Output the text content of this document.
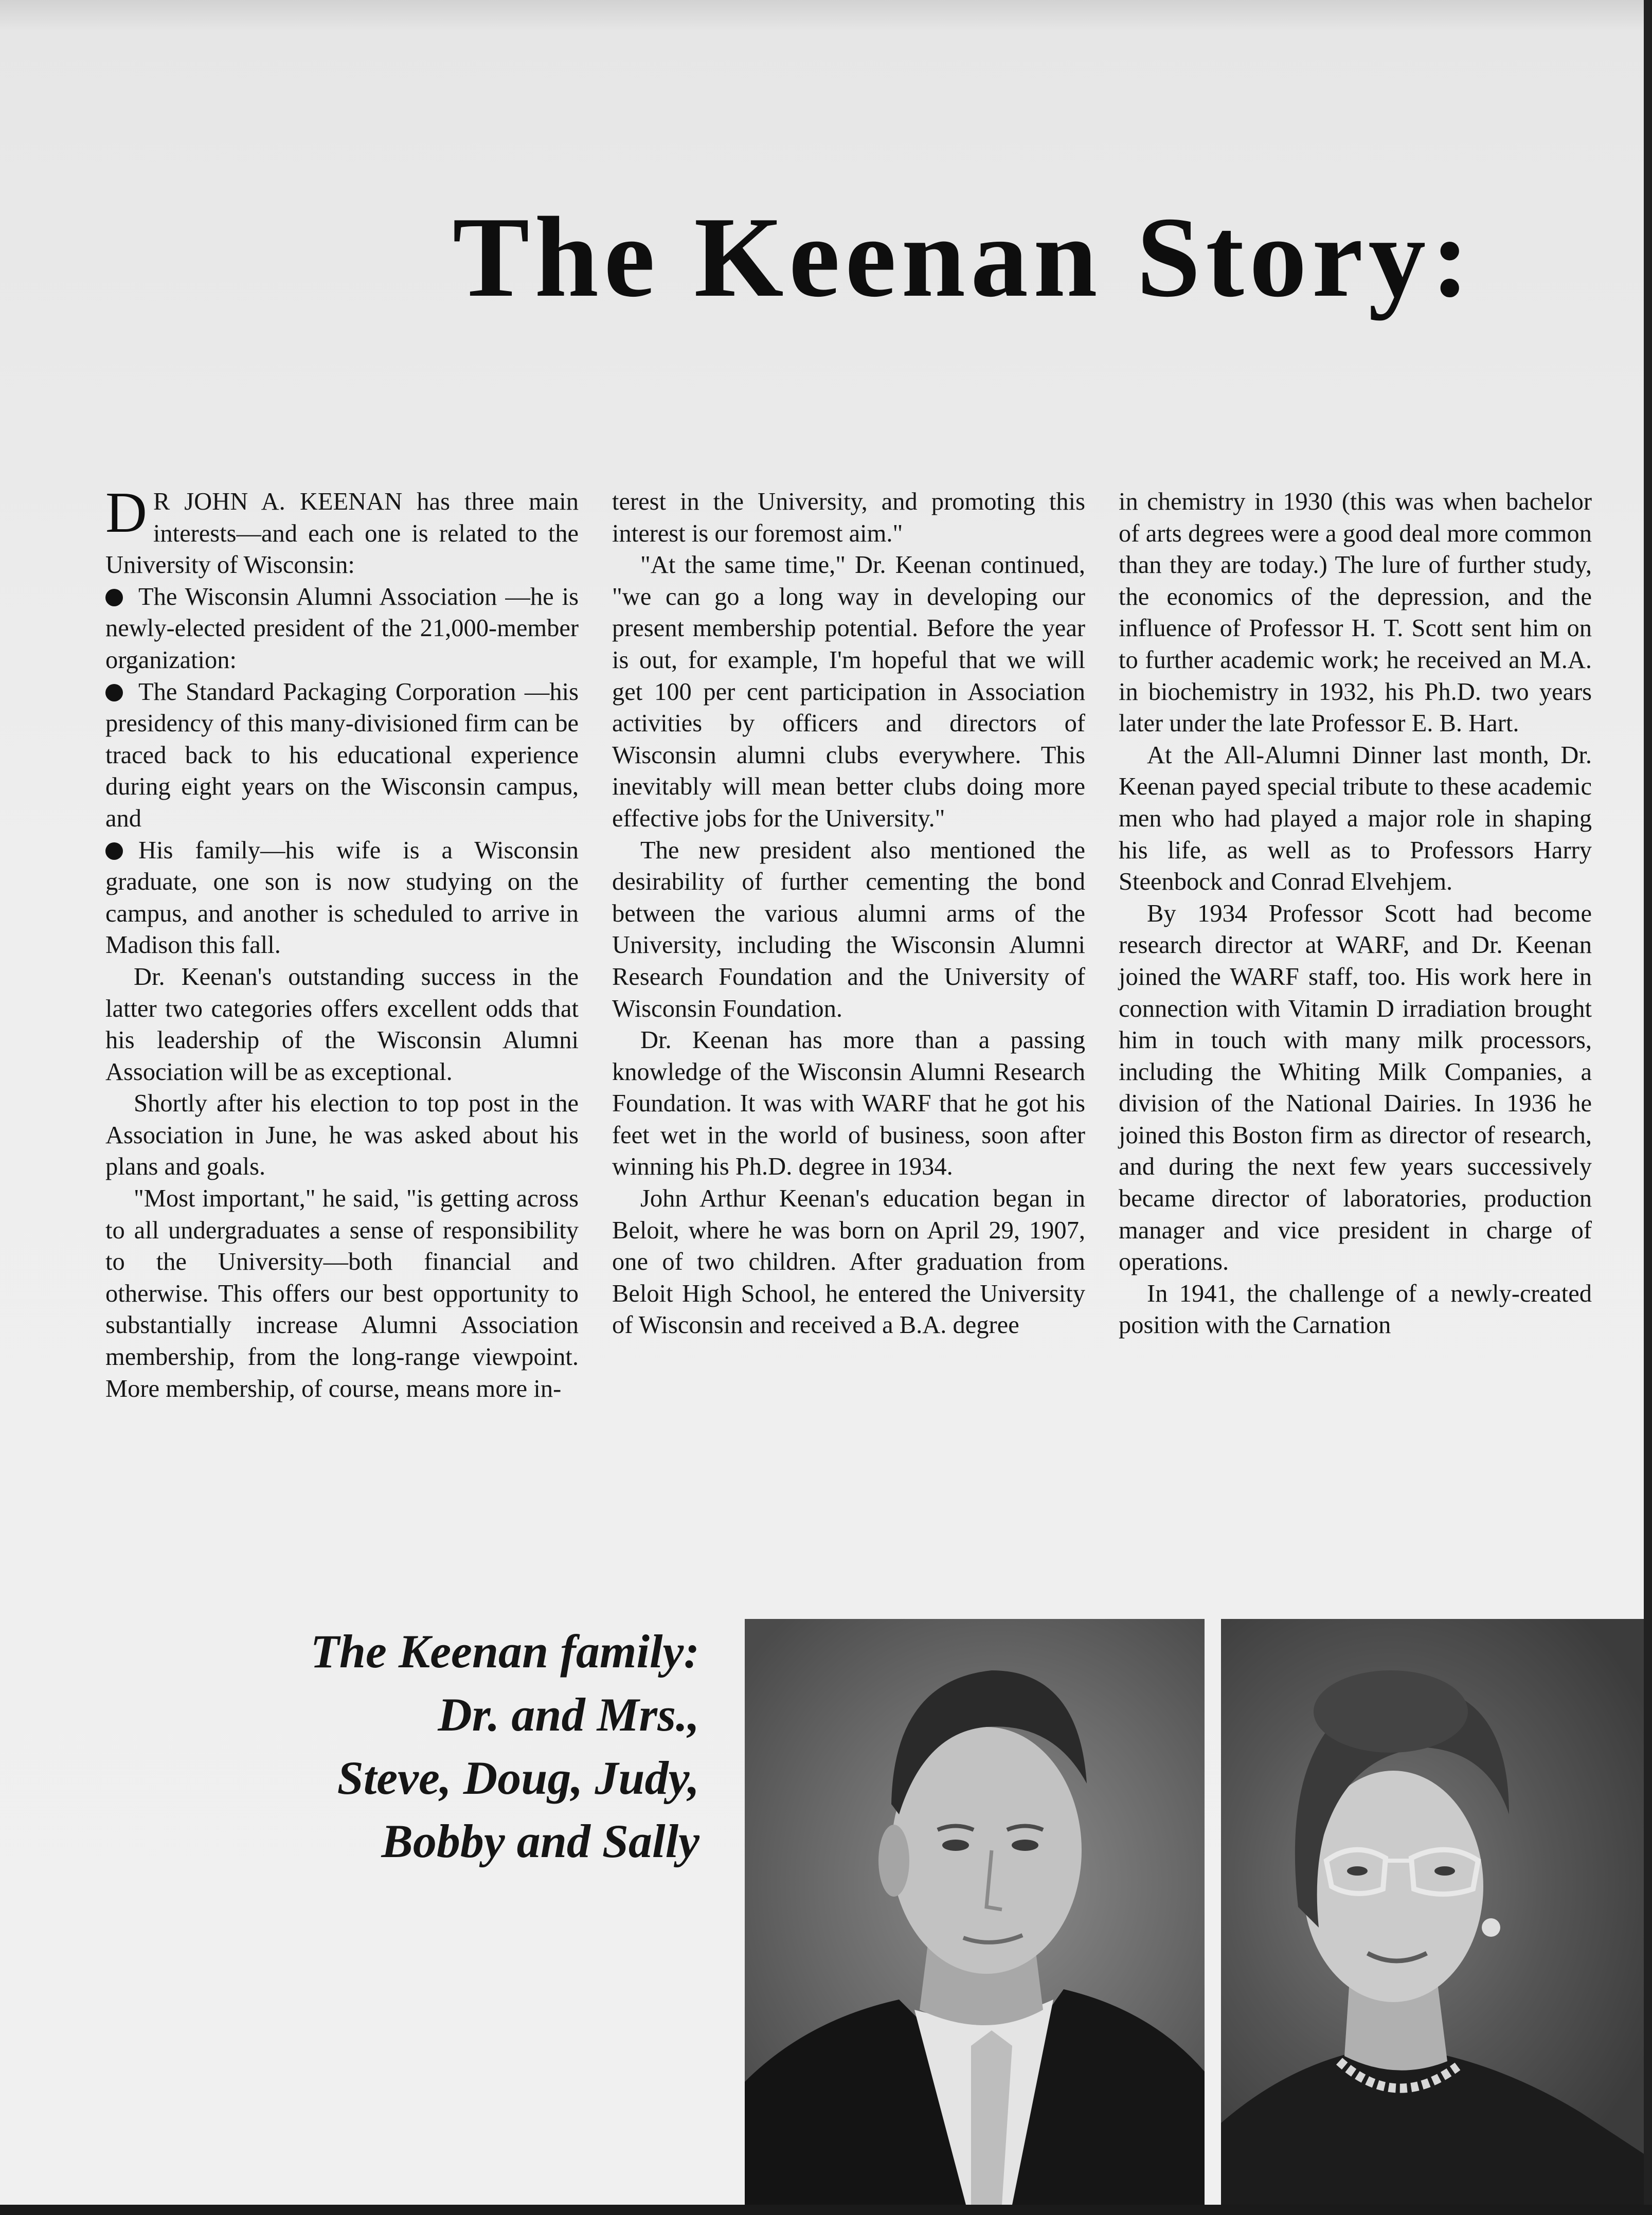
The Keenan Story:

D R JOHN A. KEENAN has three main interests—and each one is related to the University of Wisconsin:

The Wisconsin Alumni Association —he is newly-elected president of the 21,000-member organization:

The Standard Packaging Corporation —his presidency of this many-divisioned firm can be traced back to his educational experience during eight years on the Wisconsin campus, and

His family—his wife is a Wisconsin graduate, one son is now studying on the campus, and another is scheduled to arrive in Madison this fall.

Dr. Keenan's outstanding success in the latter two categories offers excellent odds that his leadership of the Wisconsin Alumni Association will be as exceptional.

Shortly after his election to top post in the Association in June, he was asked about his plans and goals.

"Most important," he said, "is getting across to all undergraduates a sense of responsibility to the University—both financial and otherwise. This offers our best opportunity to substantially increase Alumni Association membership, from the long-range viewpoint. More membership, of course, means more in-

terest in the University, and promoting this interest is our foremost aim."

"At the same time," Dr. Keenan continued, "we can go a long way in developing our present membership potential. Before the year is out, for example, I'm hopeful that we will get 100 per cent participation in Association activities by officers and directors of Wisconsin alumni clubs everywhere. This inevitably will mean better clubs doing more effective jobs for the University."

The new president also mentioned the desirability of further cementing the bond between the various alumni arms of the University, including the Wisconsin Alumni Research Foundation and the University of Wisconsin Foundation.

Dr. Keenan has more than a passing knowledge of the Wisconsin Alumni Research Foundation. It was with WARF that he got his feet wet in the world of business, soon after winning his Ph.D. degree in 1934.

John Arthur Keenan's education began in Beloit, where he was born on April 29, 1907, one of two children. After graduation from Beloit High School, he entered the University of Wisconsin and received a B.A. degree

in chemistry in 1930 (this was when bachelor of arts degrees were a good deal more common than they are today.) The lure of further study, the economics of the depression, and the influence of Professor H. T. Scott sent him on to further academic work; he received an M.A. in biochemistry in 1932, his Ph.D. two years later under the late Professor E. B. Hart.

At the All-Alumni Dinner last month, Dr. Keenan payed special tribute to these academic men who had played a major role in shaping his life, as well as to Professors Harry Steenbock and Conrad Elvehjem.

By 1934 Professor Scott had become research director at WARF, and Dr. Keenan joined the WARF staff, too. His work here in connection with Vitamin D irradiation brought him in touch with many milk processors, including the Whiting Milk Companies, a division of the National Dairies. In 1936 he joined this Boston firm as director of research, and during the next few years successively became director of laboratories, production manager and vice president in charge of operations.

In 1941, the challenge of a newly-created position with the Carnation

The Keenan family:
Dr. and Mrs.,
Steve, Doug, Judy,
Bobby and Sally
